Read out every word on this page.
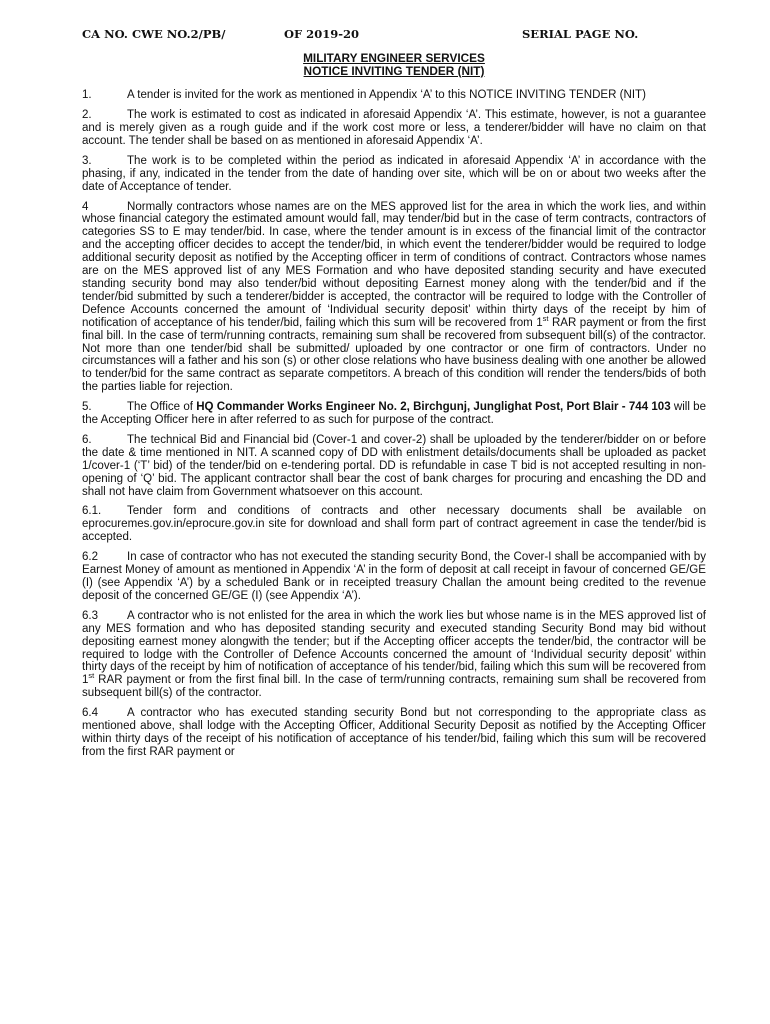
CA NO. CWE NO.2/PB/	OF 2019-20	SERIAL PAGE NO.
MILITARY ENGINEER SERVICES
NOTICE INVITING TENDER (NIT)

1.	A tender is invited for the work as mentioned in Appendix ‘A’ to this NOTICE INVITING TENDER (NIT)

2.	The work is estimated to cost as indicated in aforesaid Appendix ‘A’. This estimate, however, is not a guarantee and is merely given as a rough guide and if the work cost more or less, a tenderer/bidder will have no claim on that account. The tender shall be based on as mentioned in aforesaid Appendix ‘A’.

3.	The work is to be completed within the period as indicated in aforesaid Appendix ‘A’ in accordance with the phasing, if any, indicated in the tender from the date of handing over site, which will be on or about two weeks after the date of Acceptance of tender.

4	Normally contractors whose names are on the MES approved list for the area in which the work lies, and within whose financial category the estimated amount would fall, may tender/bid but in the case of term contracts, contractors of categories SS to E may tender/bid. In case, where the tender amount is in excess of the financial limit of the contractor and the accepting officer decides to accept the tender/bid, in which event the tenderer/bidder would be required to lodge additional security deposit as notified by the Accepting officer in term of conditions of contract. Contractors whose names are on the MES approved list of any MES Formation and who have deposited standing security and have executed standing security bond may also tender/bid without depositing Earnest money along with the tender/bid and if the tender/bid submitted by such a tenderer/bidder is accepted, the contractor will be required to lodge with the Controller of Defence Accounts concerned the amount of ‘Individual security deposit’ within thirty days of the receipt by him of notification of acceptance of his tender/bid, failing which this sum will be recovered from 1st RAR payment or from the first final bill. In the case of term/running contracts, remaining sum shall be recovered from subsequent bill(s) of the contractor. Not more than one tender/bid shall be submitted/ uploaded by one contractor or one firm of contractors. Under no circumstances will a father and his son (s) or other close relations who have business dealing with one another be allowed to tender/bid for the same contract as separate competitors. A breach of this condition will render the tenders/bids of both the parties liable for rejection.

5.	The Office of HQ Commander Works Engineer No. 2, Birchgunj, Junglighat Post, Port Blair - 744 103 will be the Accepting Officer here in after referred to as such for purpose of the contract.

6.	The technical Bid and Financial bid (Cover-1 and cover-2) shall be uploaded by the tenderer/bidder on or before the date & time mentioned in NIT. A scanned copy of DD with enlistment details/documents shall be uploaded as packet 1/cover-1 (‘T’ bid) of the tender/bid on e-tendering portal. DD is refundable in case T bid is not accepted resulting in non-opening of ‘Q’ bid. The applicant contractor shall bear the cost of bank charges for procuring and encashing the DD and shall not have claim from Government whatsoever on this account.

6.1. Tender form and conditions of contracts and other necessary documents shall be available on eprocuremes.gov.in/eprocure.gov.in site for download and shall form part of contract agreement in case the tender/bid is accepted.

6.2	In case of contractor who has not executed the standing security Bond, the Cover-I shall be accompanied with by Earnest Money of amount as mentioned in Appendix ‘A’ in the form of deposit at call receipt in favour of concerned GE/GE (I) (see Appendix ‘A’) by a scheduled Bank or in receipted treasury Challan the amount being credited to the revenue deposit of the concerned GE/GE (I) (see Appendix ‘A’).

6.3	A contractor who is not enlisted for the area in which the work lies but whose name is in the MES approved list of any MES formation and who has deposited standing security and executed standing Security Bond may bid without depositing earnest money alongwith the tender; but if the Accepting officer accepts the tender/bid, the contractor will be required to lodge with the Controller of Defence Accounts concerned the amount of ‘Individual security deposit’ within thirty days of the receipt by him of notification of acceptance of his tender/bid, failing which this sum will be recovered from 1st RAR payment or from the first final bill. In the case of term/running contracts, remaining sum shall be recovered from subsequent bill(s) of the contractor.

6.4	A contractor who has executed standing security Bond but not corresponding to the appropriate class as mentioned above, shall lodge with the Accepting Officer, Additional Security Deposit as notified by the Accepting Officer within thirty days of the receipt of his notification of acceptance of his tender/bid, failing which this sum will be recovered from the first RAR payment or
